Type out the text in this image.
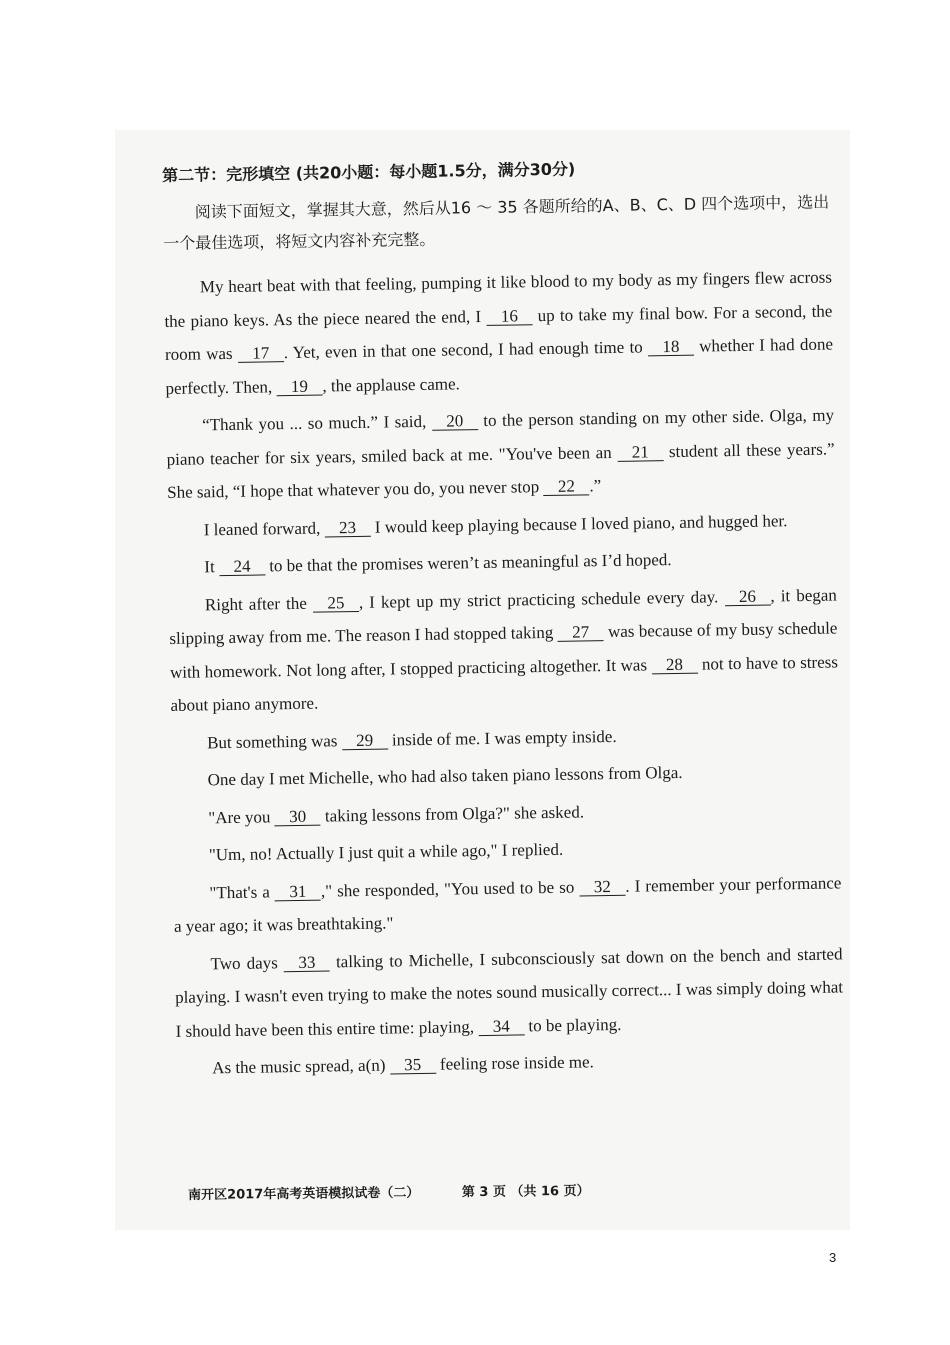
第二节：完形填空 (共20小题：每小题1.5分，满分30分)
阅读下面短文，掌握其大意，然后从16 ～ 35 各题所给的A、B、C、D 四个选项中，选出一个最佳选项，将短文内容补充完整。

My heart beat with that feeling, pumping it like blood to my body as my fingers flew across the piano keys. As the piece neared the end, I 16 up to take my final bow. For a second, the room was 17 . Yet, even in that one second, I had enough time to 18 whether I had done perfectly. Then, 19 , the applause came.

“Thank you ... so much.” I said, 20 to the person standing on my other side. Olga, my piano teacher for six years, smiled back at me. "You've been an 21 student all these years.” She said, “I hope that whatever you do, you never stop 22 .”

I leaned forward, 23 I would keep playing because I loved piano, and hugged her.

It 24 to be that the promises weren’t as meaningful as I’d hoped.

Right after the 25 , I kept up my strict practicing schedule every day. 26 , it began slipping away from me. The reason I had stopped taking 27 was because of my busy schedule with homework. Not long after, I stopped practicing altogether. It was 28 not to have to stress about piano anymore.

But something was 29 inside of me. I was empty inside.

One day I met Michelle, who had also taken piano lessons from Olga.

"Are you 30 taking lessons from Olga?" she asked.

"Um, no! Actually I just quit a while ago," I replied.

"That's a 31 ," she responded, "You used to be so 32 . I remember your performance a year ago; it was breathtaking."

Two days 33 talking to Michelle, I subconsciously sat down on the bench and started playing. I wasn't even trying to make the notes sound musically correct... I was simply doing what I should have been this entire time: playing, 34 to be playing.

As the music spread, a(n) 35 feeling rose inside me.

南开区2017年高考英语模拟试卷（二）	第 3 页 （共 16 页）
3
